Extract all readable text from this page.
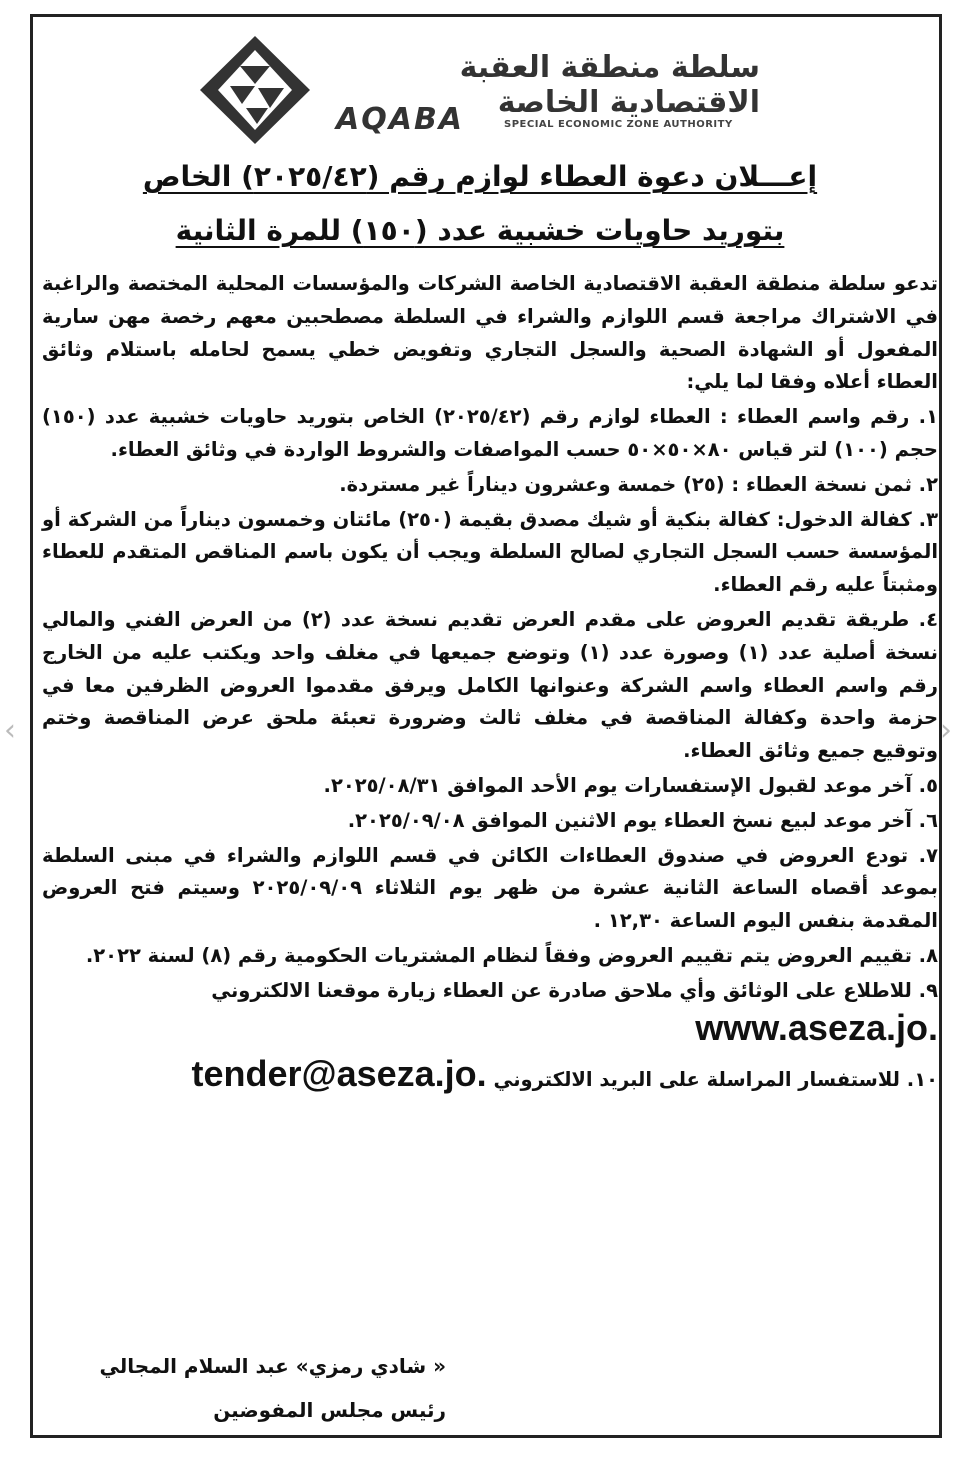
سلطة منطقة العقبة الاقتصادية الخاصة
AQABA	SPECIAL ECONOMIC ZONE AUTHORITY
إعـــلان دعوة العطاء لوازم رقم (٢٠٢٥/٤٢) الخاص
بتوريد حاويات خشبية عدد (١٥٠) للمرة الثانية

تدعو سلطة منطقة العقبة الاقتصادية الخاصة الشركات والمؤسسات المحلية المختصة والراغبة في الاشتراك مراجعة قسم اللوازم والشراء في السلطة مصطحبين معهم رخصة مهن سارية المفعول أو الشهادة الصحية والسجل التجاري وتفويض خطي يسمح لحامله باستلام وثائق العطاء أعلاه وفقا لما يلي:

١. رقم واسم العطاء : العطاء لوازم رقم (٢٠٢٥/٤٢) الخاص بتوريد حاويات خشبية عدد (١٥٠) حجم (١٠٠) لتر قياس ٨٠×٥٠×٥٠ حسب المواصفات والشروط الواردة في وثائق العطاء.

٢. ثمن نسخة العطاء : (٢٥) خمسة وعشرون ديناراً غير مستردة.

٣. كفالة الدخول: كفالة بنكية أو شيك مصدق بقيمة (٢٥٠) مائتان وخمسون ديناراً من الشركة أو المؤسسة حسب السجل التجاري لصالح السلطة ويجب أن يكون باسم المناقص المتقدم للعطاء ومثبتاً عليه رقم العطاء.

٤. طريقة تقديم العروض على مقدم العرض تقديم نسخة عدد (٢) من العرض الفني والمالي نسخة أصلية عدد (١) وصورة عدد (١) وتوضع جميعها في مغلف واحد ويكتب عليه من الخارج رقم واسم العطاء واسم الشركة وعنوانها الكامل ويرفق مقدموا العروض الظرفين معا في حزمة واحدة وكفالة المناقصة في مغلف ثالث وضرورة تعبئة ملحق عرض المناقصة وختم وتوقيع جميع وثائق العطاء.

٥. آخر موعد لقبول الإستفسارات يوم الأحد الموافق ٢٠٢٥/٠٨/٣١.

٦. آخر موعد لبيع نسخ العطاء يوم الاثنين الموافق ٢٠٢٥/٠٩/٠٨.

٧. تودع العروض في صندوق العطاءات الكائن في قسم اللوازم والشراء في مبنى السلطة بموعد أقصاه الساعة الثانية عشرة من ظهر يوم الثلاثاء ٢٠٢٥/٠٩/٠٩ وسيتم فتح العروض المقدمة بنفس اليوم الساعة ١٢,٣٠ .

٨. تقييم العروض يتم تقييم العروض وفقاً لنظام المشتريات الحكومية رقم (٨) لسنة ٢٠٢٢.

٩. للاطلاع على الوثائق وأي ملاحق صادرة عن العطاء زيارة موقعنا الالكتروني

www.aseza.jo.

١٠. للاستفسار المراسلة على البريد الالكتروني tender@aseza.jo.

« شادي رمزي» عبد السلام المجالي
رئيس مجلس المفوضين
‹	›
